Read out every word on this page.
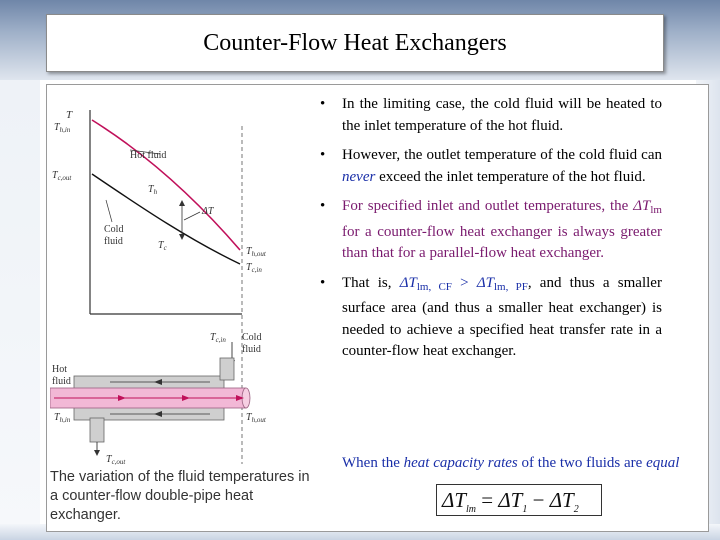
Counter-Flow Heat Exchangers
T
$T_{h,in}$
$T_{c,out}$
Hot fluid
$T_h$
Cold
fluid	$T_c$
ΔT
$T_{h,out}$
$T_{c,in}$
$T_{c,in}$ Cold
fluid
Hot
fluid
$T_{h,in}$	$T_{h,out}$
$T_{c,out}$
The variation of the fluid temperatures in a counter-flow double-pipe heat exchanger.
• In the limiting case, the cold fluid will be heated to the inlet temperature of the hot fluid.
• However, the outlet temperature of the cold fluid can never exceed the inlet temperature of the hot fluid.
• For specified inlet and outlet temperatures, the $\Delta T_{lm}$ for a counter-flow heat exchanger is always greater than that for a parallel-flow heat exchanger.
• That is, $\Delta T_{lm, CF} > \Delta T_{lm, PF}$, and thus a smaller surface area (and thus a smaller heat exchanger) is needed to achieve a specified heat transfer rate in a counter-flow heat exchanger.
When the heat capacity rates of the two fluids are equal
$\Delta T_{lm} = \Delta T_1 - \Delta T_2$
